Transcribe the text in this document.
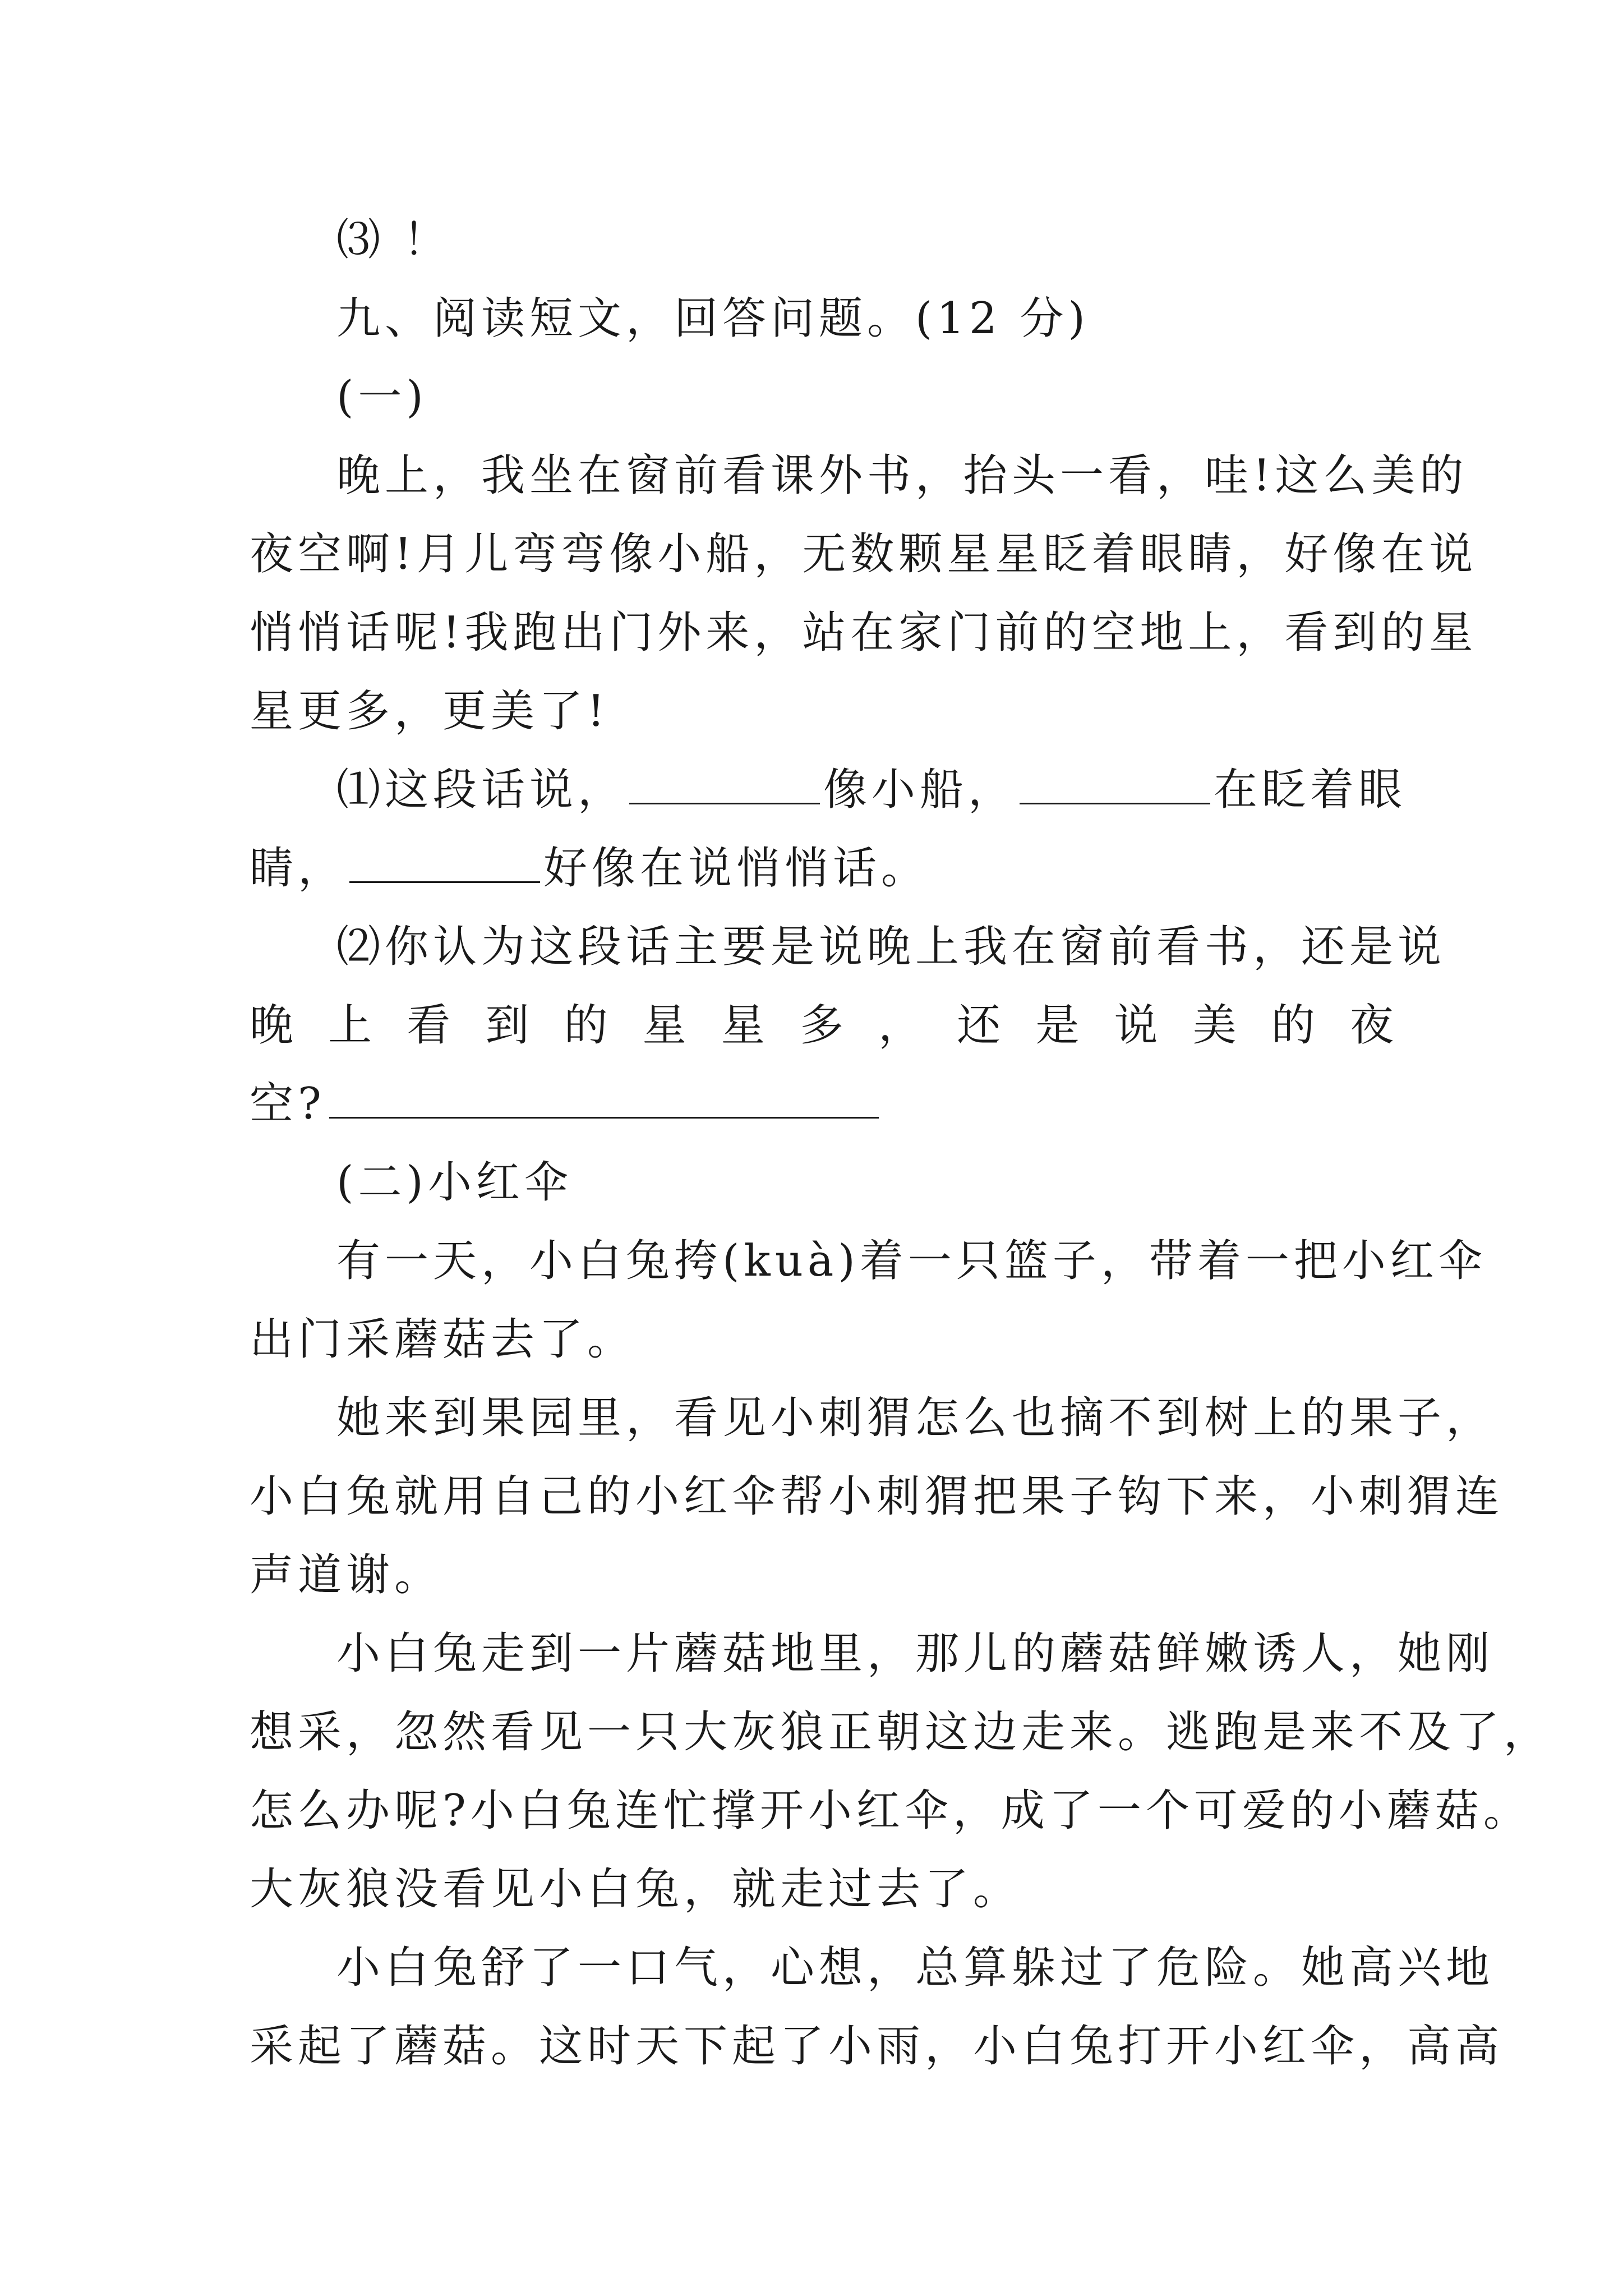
⑶ ！
九、阅读短文，回答问题。(12 分)
(一)
晚上，我坐在窗前看课外书，抬头一看，哇!这么美的
夜空啊!月儿弯弯像小船，无数颗星星眨着眼睛，好像在说
悄悄话呢!我跑出门外来，站在家门前的空地上，看到的星
星更多，更美了!
⑴这段话说，	像小船，	在眨着眼
睛，	好像在说悄悄话。
⑵你认为这段话主要是说晚上我在窗前看书，还是说
晚 上 看 到 的 星 星 多 ， 还 是 说 美 的 夜
空?
(二)小红伞
有一天，小白兔挎(kuà)着一只篮子，带着一把小红伞
出门采蘑菇去了。
她来到果园里，看见小刺猬怎么也摘不到树上的果子，
小白兔就用自己的小红伞帮小刺猬把果子钩下来，小刺猬连
声道谢。
小白兔走到一片蘑菇地里，那儿的蘑菇鲜嫩诱人，她刚
想采，忽然看见一只大灰狼正朝这边走来。逃跑是来不及了，
怎么办呢?小白兔连忙撑开小红伞，成了一个可爱的小蘑菇。
大灰狼没看见小白兔，就走过去了。
小白兔舒了一口气，心想，总算躲过了危险。她高兴地
采起了蘑菇。这时天下起了小雨，小白兔打开小红伞，高高
